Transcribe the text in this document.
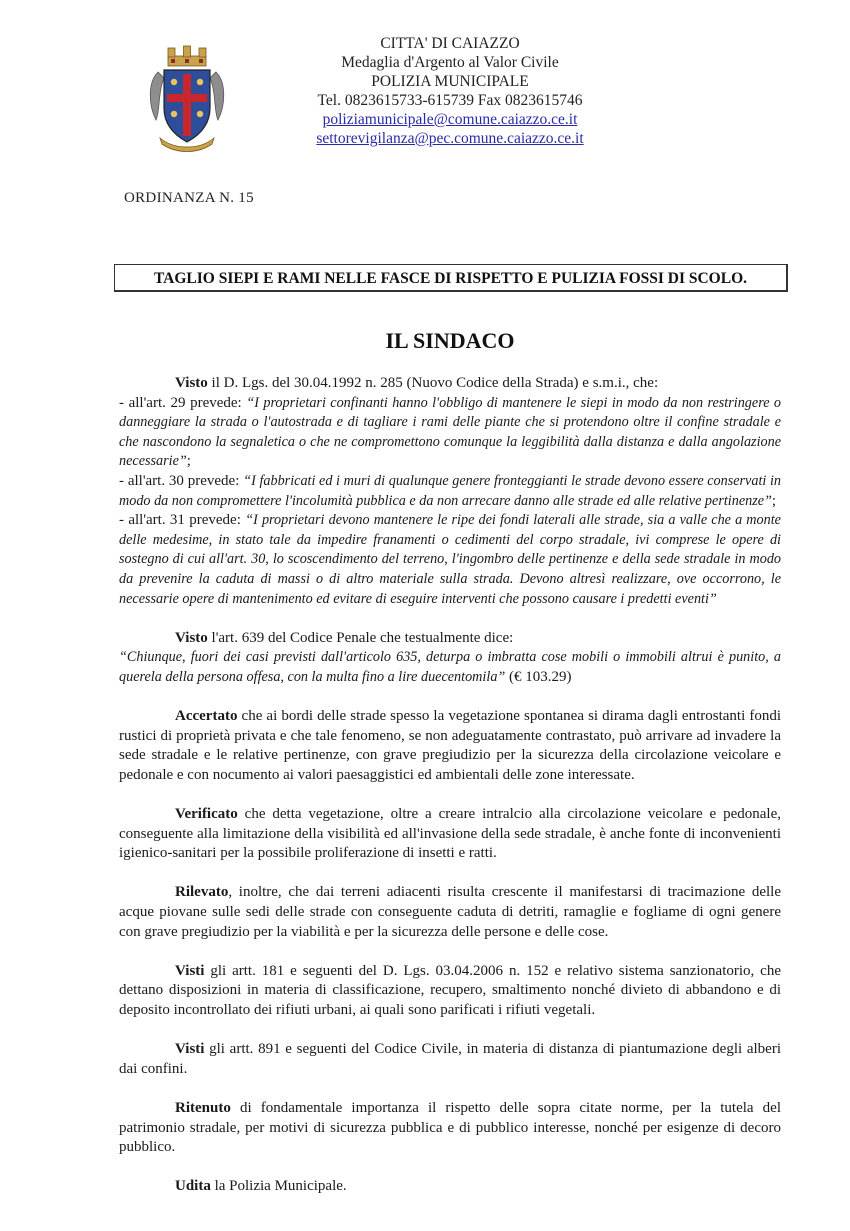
CITTA' DI CAIAZZO
Medaglia d'Argento al Valor Civile
POLIZIA MUNICIPALE
Tel. 0823615733-615739 Fax 0823615746
poliziamunicipale@comune.caiazzo.ce.it
settorevigilanza@pec.comune.caiazzo.ce.it
ORDINANZA N. 15
TAGLIO SIEPI E RAMI NELLE FASCE DI RISPETTO E PULIZIA FOSSI DI SCOLO.
IL SINDACO

Visto il D. Lgs. del 30.04.1992 n. 285 (Nuovo Codice della Strada) e s.m.i., che:

- all'art. 29 prevede: “I proprietari confinanti hanno l'obbligo di mantenere le siepi in modo da non restringere o danneggiare la strada o l'autostrada e di tagliare i rami delle piante che si protendono oltre il confine stradale e che nascondono la segnaletica o che ne compromettono comunque la leggibilità dalla distanza e dalla angolazione necessarie”;

- all'art. 30 prevede: “I fabbricati ed i muri di qualunque genere fronteggianti le strade devono essere conservati in modo da non compromettere l'incolumità pubblica e da non arrecare danno alle strade ed alle relative pertinenze”;

- all'art. 31 prevede: “I proprietari devono mantenere le ripe dei fondi laterali alle strade, sia a valle che a monte delle medesime, in stato tale da impedire franamenti o cedimenti del corpo stradale, ivi comprese le opere di sostegno di cui all'art. 30, lo scoscendimento del terreno, l'ingombro delle pertinenze e della sede stradale in modo da prevenire la caduta di massi o di altro materiale sulla strada. Devono altresì realizzare, ove occorrono, le necessarie opere di mantenimento ed evitare di eseguire interventi che possono causare i predetti eventi”

Visto l'art. 639 del Codice Penale che testualmente dice:

“Chiunque, fuori dei casi previsti dall'articolo 635, deturpa o imbratta cose mobili o immobili altrui è punito, a querela della persona offesa, con la multa fino a lire duecentomila” (€ 103.29)

Accertato che ai bordi delle strade spesso la vegetazione spontanea si dirama dagli entrostanti fondi rustici di proprietà privata e che tale fenomeno, se non adeguatamente contrastato, può arrivare ad invadere la sede stradale e le relative pertinenze, con grave pregiudizio per la sicurezza della circolazione veicolare e pedonale e con nocumento ai valori paesaggistici ed ambientali delle zone interessate.

Verificato che detta vegetazione, oltre a creare intralcio alla circolazione veicolare e pedonale, conseguente alla limitazione della visibilità ed all'invasione della sede stradale, è anche fonte di inconvenienti igienico-sanitari per la possibile proliferazione di insetti e ratti.

Rilevato, inoltre, che dai terreni adiacenti risulta crescente il manifestarsi di tracimazione delle acque piovane sulle sedi delle strade con conseguente caduta di detriti, ramaglie e fogliame di ogni genere con grave pregiudizio per la viabilità e per la sicurezza delle persone e delle cose.

Visti gli artt. 181 e seguenti del D. Lgs. 03.04.2006 n. 152 e relativo sistema sanzionatorio, che dettano disposizioni in materia di classificazione, recupero, smaltimento nonché divieto di abbandono e di deposito incontrollato dei rifiuti urbani, ai quali sono parificati i rifiuti vegetali.

Visti gli artt. 891 e seguenti del Codice Civile, in materia di distanza di piantumazione degli alberi dai confini.

Ritenuto di fondamentale importanza il rispetto delle sopra citate norme, per la tutela del patrimonio stradale, per motivi di sicurezza pubblica e di pubblico interesse, nonché per esigenze di decoro pubblico.

Udita la Polizia Municipale.
